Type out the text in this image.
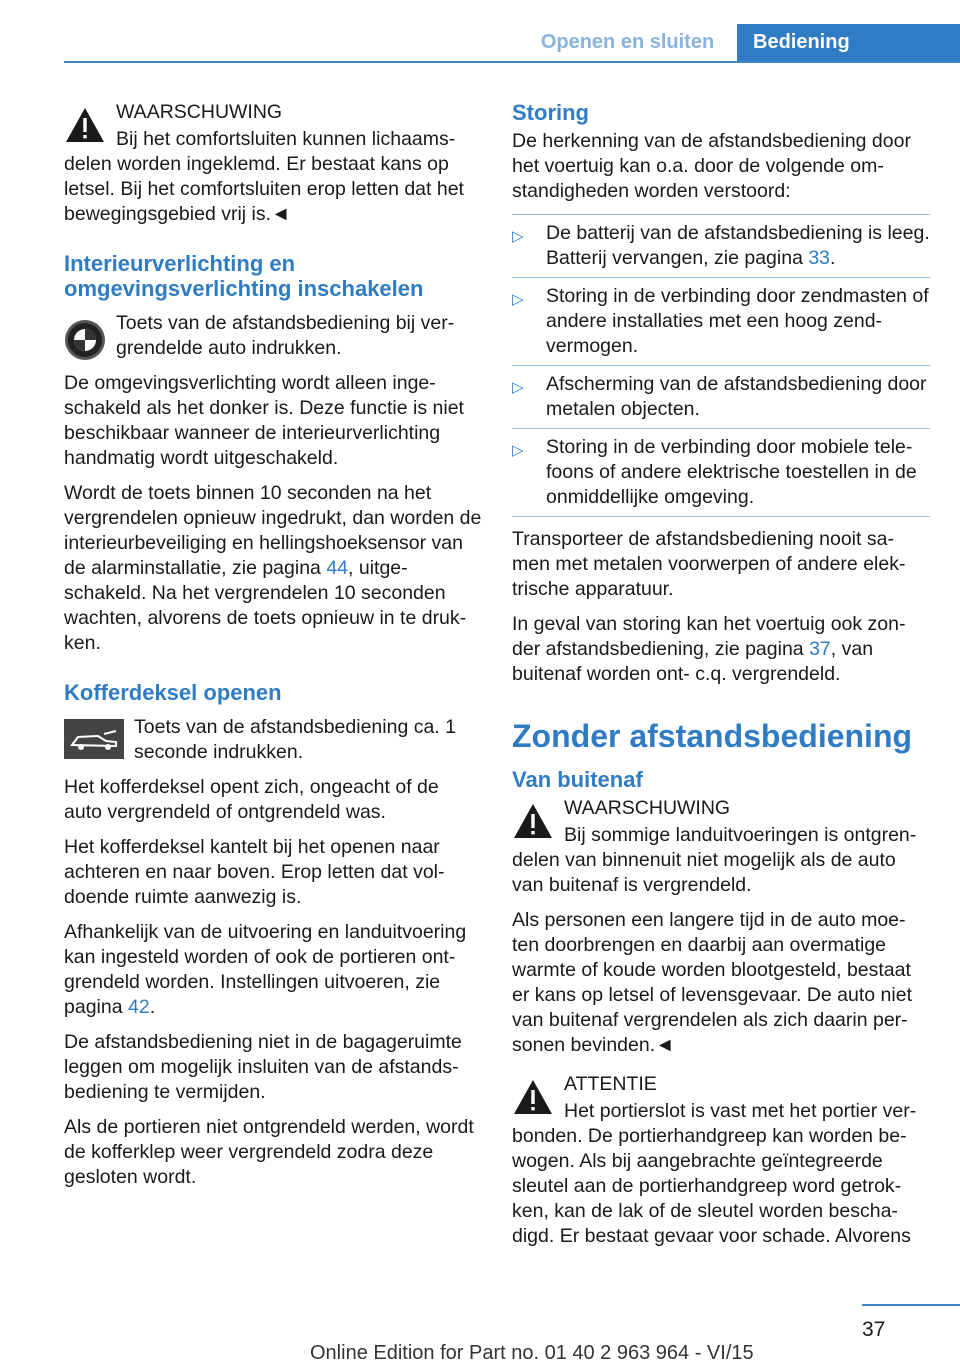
Openen en sluiten	Bediening

WAARSCHUWING

Bij het comfortsluiten kunnen lichaams-

delen worden ingeklemd. Er bestaat kans op letsel. Bij het comfortsluiten erop letten dat het bewegingsgebied vrij is.◄

Interieurverlichting en omgevingsverlichting inschakelen

Toets van de afstandsbediening bij ver-grendelde auto indrukken.

De omgevingsverlichting wordt alleen inge-schakeld als het donker is. Deze functie is niet beschikbaar wanneer de interieurverlichting handmatig wordt uitgeschakeld.

Wordt de toets binnen 10 seconden na het vergrendelen opnieuw ingedrukt, dan worden de interieurbeveiliging en hellingshoeksensor van de alarminstallatie, zie pagina 44, uitge-schakeld. Na het vergrendelen 10 seconden wachten, alvorens de toets opnieuw in te druk-ken.

Kofferdeksel openen

Toets van de afstandsbediening ca. 1 seconde indrukken.

Het kofferdeksel opent zich, ongeacht of de auto vergrendeld of ontgrendeld was.

Het kofferdeksel kantelt bij het openen naar achteren en naar boven. Erop letten dat vol-doende ruimte aanwezig is.

Afhankelijk van de uitvoering en landuitvoering kan ingesteld worden of ook de portieren ont-grendeld worden. Instellingen uitvoeren, zie pagina 42.

De afstandsbediening niet in de bagageruimte leggen om mogelijk insluiten van de afstands-bediening te vermijden.

Als de portieren niet ontgrendeld werden, wordt de kofferklep weer vergrendeld zodra deze gesloten wordt.

Storing

De herkenning van de afstandsbediening door het voertuig kan o.a. door de volgende om-standigheden worden verstoord:

▷ De batterij van de afstandsbediening is leeg. Batterij vervangen, zie pagina 33.
▷ Storing in de verbinding door zendmasten of andere installaties met een hoog zend-vermogen.
▷ Afscherming van de afstandsbediening door metalen objecten.
▷ Storing in de verbinding door mobiele tele-foons of andere elektrische toestellen in de onmiddellijke omgeving.

Transporteer de afstandsbediening nooit sa-men met metalen voorwerpen of andere elek-trische apparatuur.

In geval van storing kan het voertuig ook zon-der afstandsbediening, zie pagina 37, van buitenaf worden ont- c.q. vergrendeld.

Zonder afstandsbediening
Van buitenaf

WAARSCHUWING

Bij sommige landuitvoeringen is ontgren-

delen van binnenuit niet mogelijk als de auto van buitenaf is vergrendeld.

Als personen een langere tijd in de auto moe-ten doorbrengen en daarbij aan overmatige warmte of koude worden blootgesteld, bestaat er kans op letsel of levensgevaar. De auto niet van buitenaf vergrendelen als zich daarin per-sonen bevinden.◄

ATTENTIE

Het portierslot is vast met het portier ver-

bonden. De portierhandgreep kan worden be-wogen. Als bij aangebrachte geïntegreerde sleutel aan de portierhandgreep word getrok-ken, kan de lak of de sleutel worden bescha-digd. Er bestaat gevaar voor schade. Alvorens

37
Online Edition for Part no. 01 40 2 963 964 - VI/15
